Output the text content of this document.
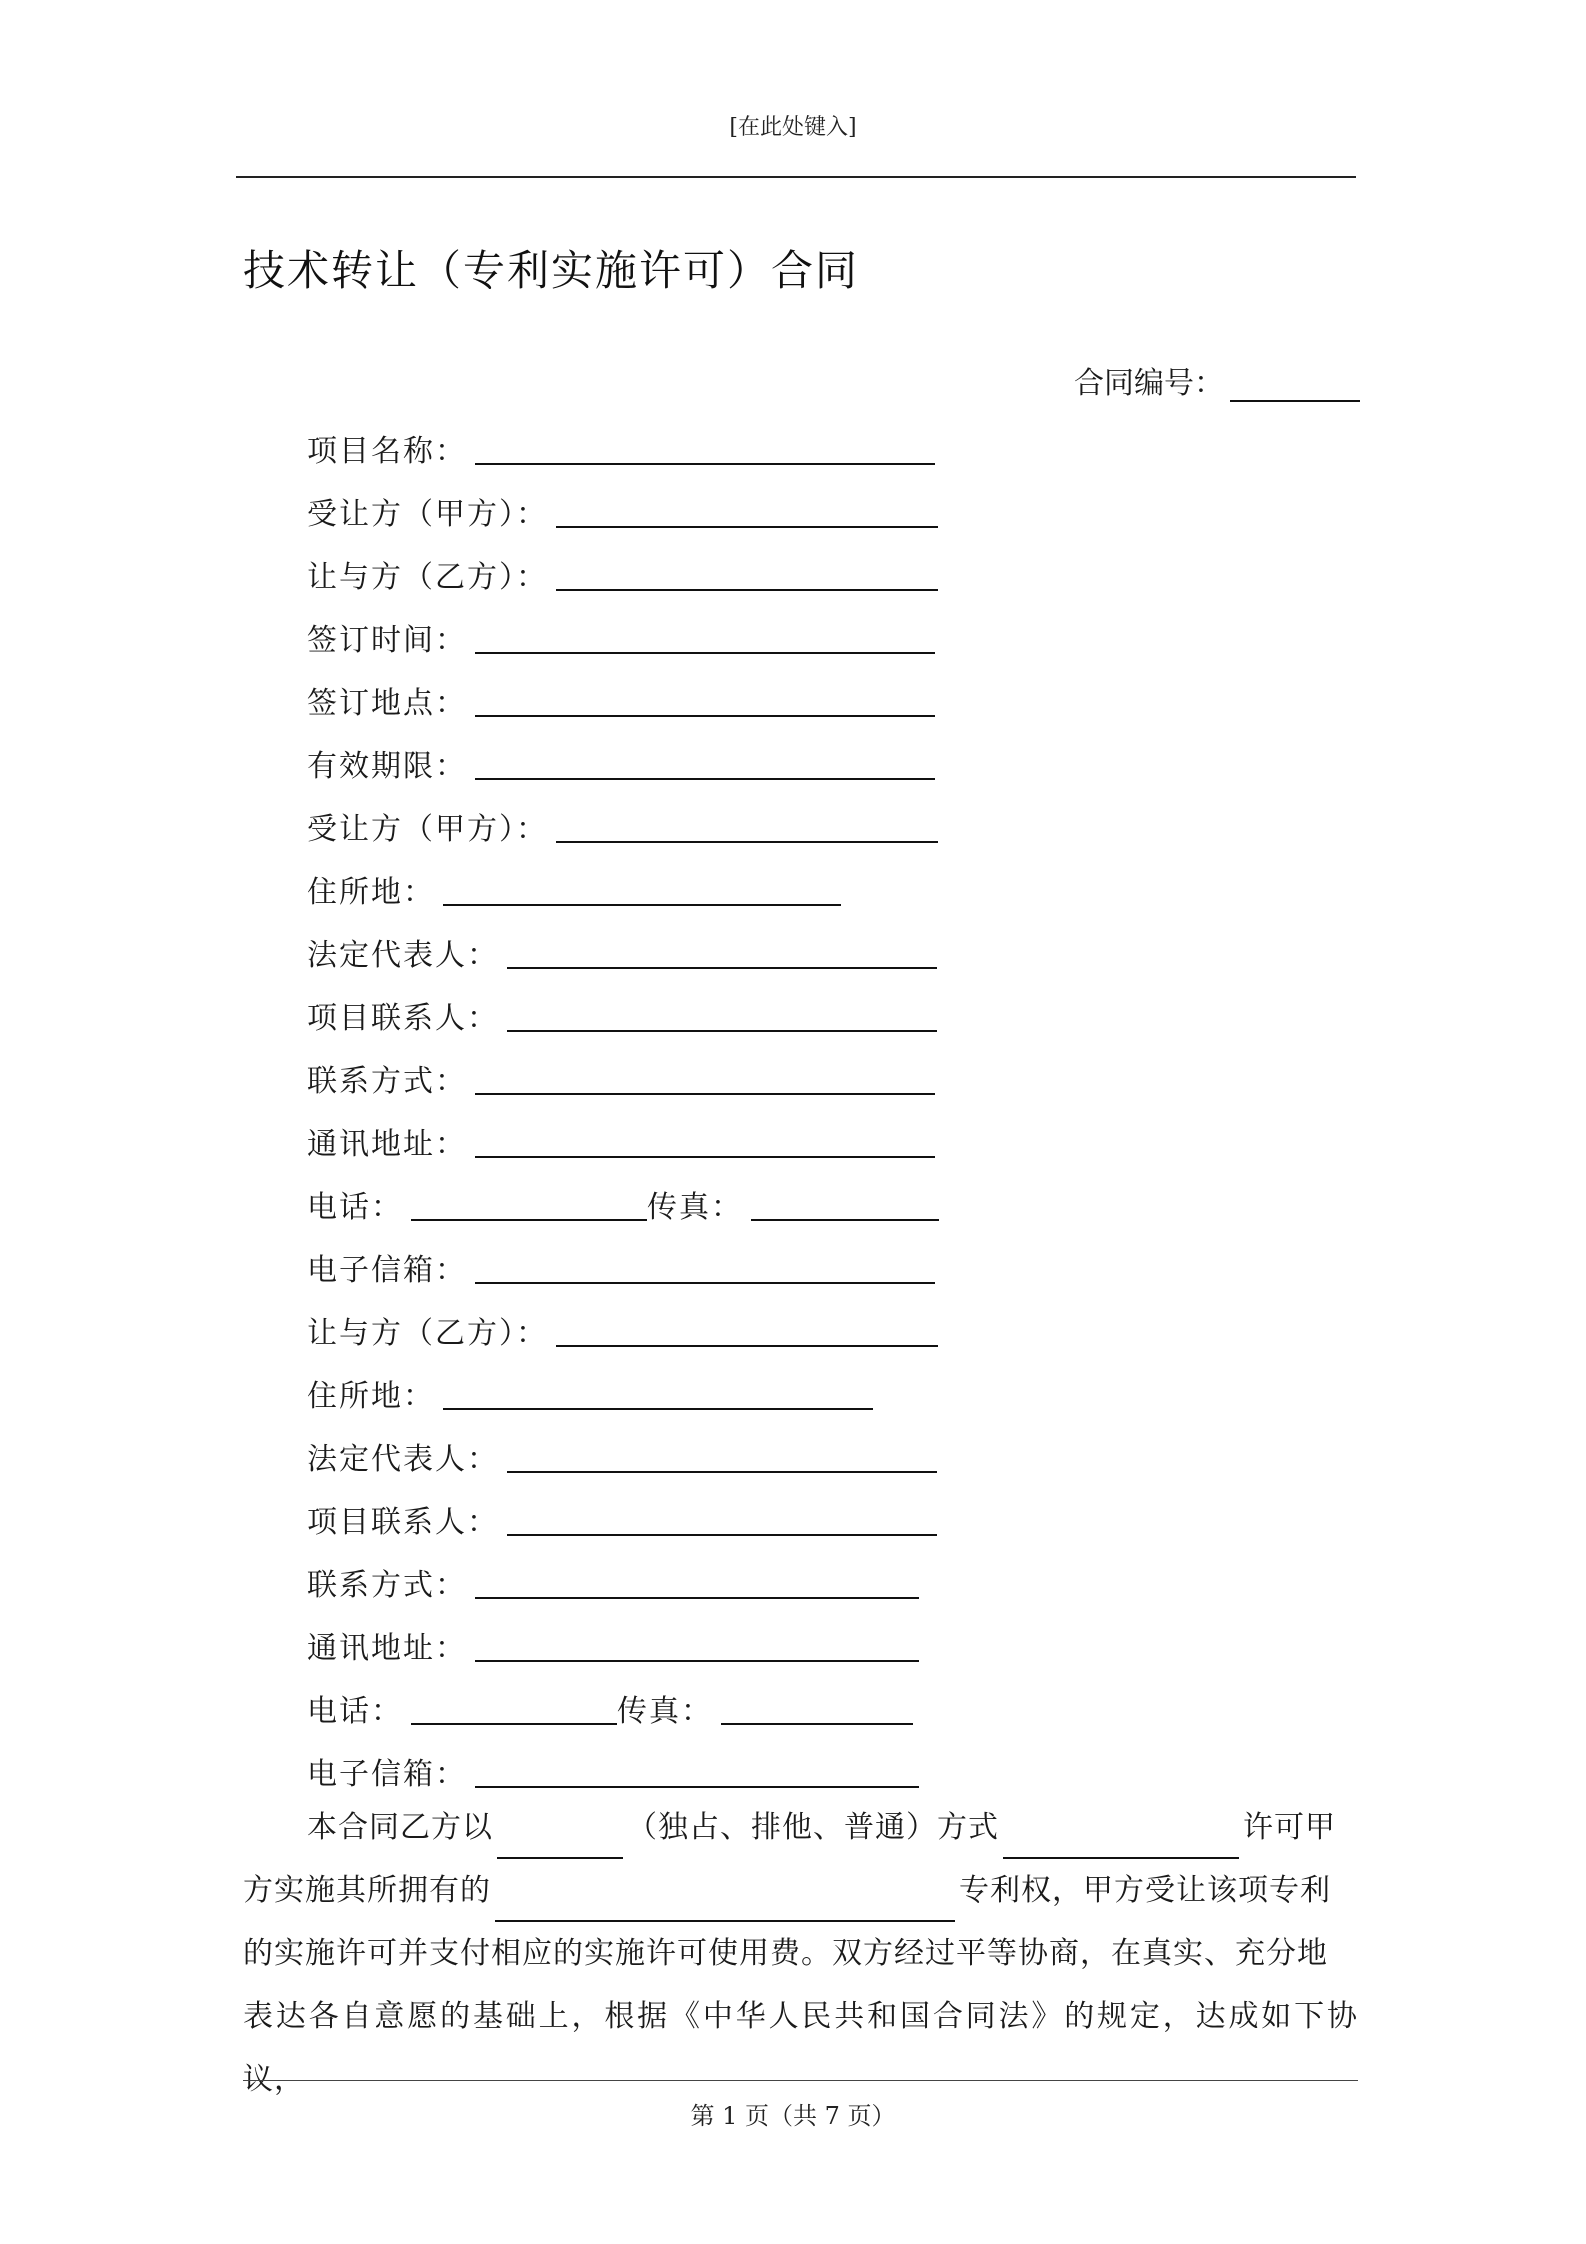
[在此处键入]
技术转让（专利实施许可）合同
合同编号：
项目名称：
受让方（甲方）：
让与方（乙方）：
签订时间：
签订地点：
有效期限：
受让方（甲方）：
住所地：
法定代表人：
项目联系人：
联系方式：
通讯地址：
电话：	传真：
电子信箱：
让与方（乙方）：
住所地：
法定代表人：
项目联系人：
联系方式：
通讯地址：
电话：	传真：
电子信箱：

本合同乙方以	（独占、排他、普通）方式	许可甲

方实施其所拥有的	专利权，甲方受让该项专利

的实施许可并支付相应的实施许可使用费。双方经过平等协商，在真实、充分地

表达各自意愿的基础上，根据《中华人民共和国合同法》的规定，达成如下协议，

第 1 页（共 7 页）
